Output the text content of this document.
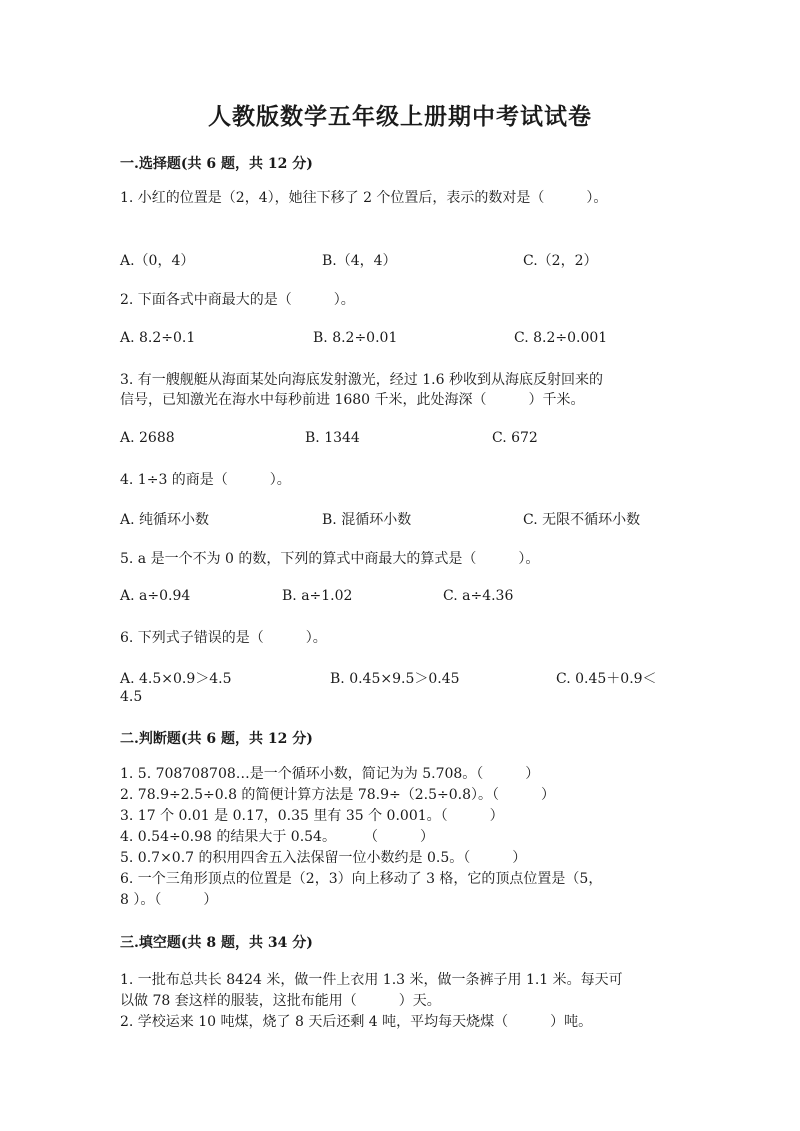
人教版数学五年级上册期中考试试卷
一.选择题(共 6 题，共 12 分)
1. 小红的位置是（2，4），她往下移了 2 个位置后，表示的数对是（　　　）。
A.（0，4）	B.（4，4）	C.（2，2）
2. 下面各式中商最大的是（　　　）。
A. 8.2÷0.1	B. 8.2÷0.01	C. 8.2÷0.001
3. 有一艘舰艇从海面某处向海底发射激光，经过 1.6 秒收到从海底反射回来的
信号，已知激光在海水中每秒前进 1680 千米，此处海深（　　　）千米。
A. 2688	B. 1344	C. 672
4. 1÷3 的商是（　　　）。
A. 纯循环小数	B. 混循环小数	C. 无限不循环小数
5. a 是一个不为 0 的数，下列的算式中商最大的算式是（　　　）。
A. a÷0.94	B. a÷1.02	C. a÷4.36
6. 下列式子错误的是（　　　）。
A. 4.5×0.9＞4.5	B. 0.45×9.5＞0.45	C. 0.45＋0.9＜
4.5
二.判断题(共 6 题，共 12 分)
1. 5. 708708708…是一个循环小数，简记为为 5.708。（　　　）
2. 78.9÷2.5÷0.8 的简便计算方法是 78.9÷（2.5÷0.8）。（　　　）
3. 17 个 0.01 是 0.17，0.35 里有 35 个 0.001。（　　　）
4. 0.54÷0.98 的结果大于 0.54。　　　（　　　）
5. 0.7×0.7 的积用四舍五入法保留一位小数约是 0.5。（　　　）
6. 一个三角形顶点的位置是（2，3）向上移动了 3 格，它的顶点位置是（5，
8 ）。（　　　）
三.填空题(共 8 题，共 34 分)
1. 一批布总共长 8424 米，做一件上衣用 1.3 米，做一条裤子用 1.1 米。每天可
以做 78 套这样的服装，这批布能用（　　　）天。
2. 学校运来 10 吨煤，烧了 8 天后还剩 4 吨，平均每天烧煤（　　　）吨。
